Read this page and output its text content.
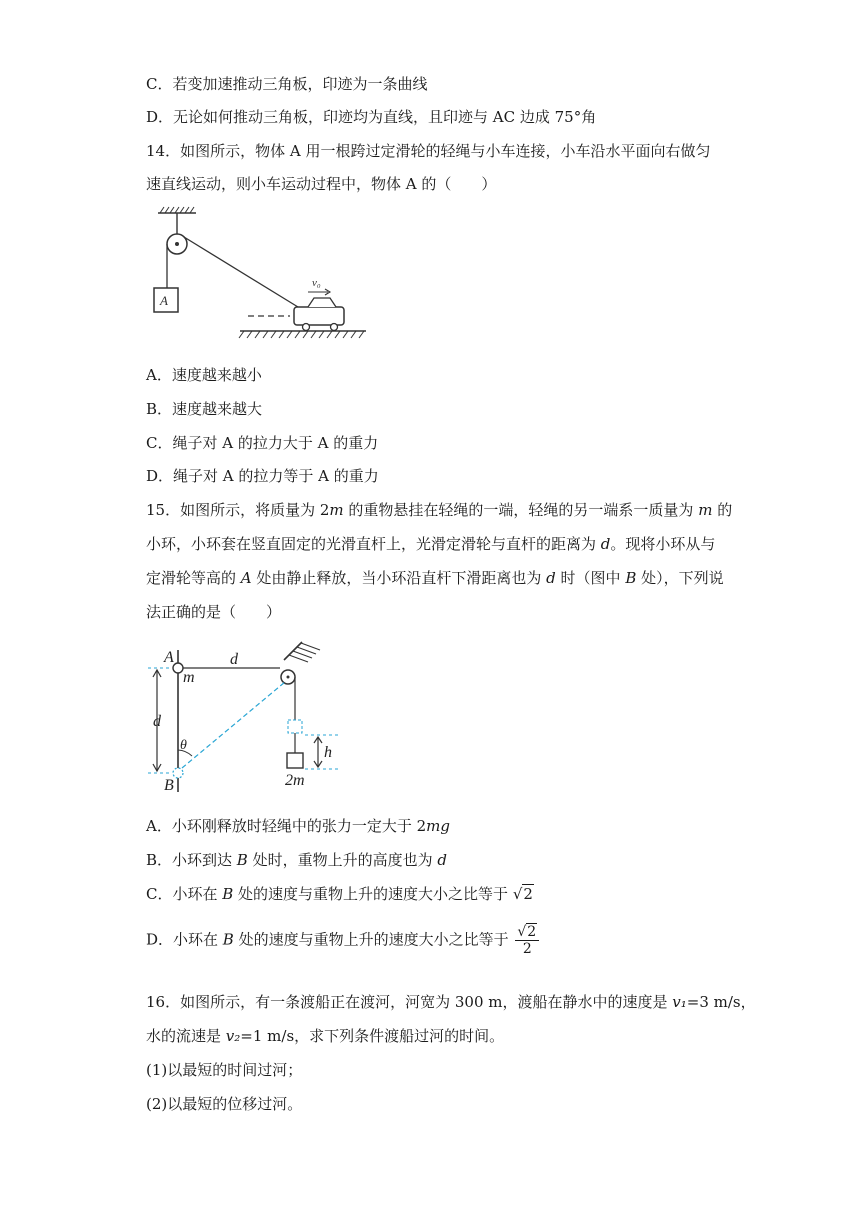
C．若变加速推动三角板，印迹为一条曲线
D．无论如何推动三角板，印迹均为直线，且印迹与 AC 边成 75°角
14．如图所示，物体 A 用一根跨过定滑轮的轻绳与小车连接，小车沿水平面向右做匀
速直线运动，则小车运动过程中，物体 A 的（　　）
A
v₀
A．速度越来越小
B．速度越来越大
C．绳子对 A 的拉力大于 A 的重力
D．绳子对 A 的拉力等于 A 的重力
15．如图所示，将质量为 2m 的重物悬挂在轻绳的一端，轻绳的另一端系一质量为 m 的
小环，小环套在竖直固定的光滑直杆上，光滑定滑轮与直杆的距离为 d。现将小环从与
定滑轮等高的 A 处由静止释放，当小环沿直杆下滑距离也为 d 时（图中 B 处），下列说
法正确的是（　　）
d
A
m
d
2m
h
θ
B
A．小环刚释放时轻绳中的张力一定大于 2mg
B．小环到达 B 处时，重物上升的高度也为 d
C．小环在 B 处的速度与重物上升的速度大小之比等于 √2
D．小环在 B 处的速度与重物上升的速度大小之比等于 $\frac{√2}{2}$
16．如图所示，有一条渡船正在渡河，河宽为 300 m，渡船在静水中的速度是 v₁=3 m/s，
水的流速是 v₂=1 m/s，求下列条件渡船过河的时间。
(1)以最短的时间过河；
(2)以最短的位移过河。
